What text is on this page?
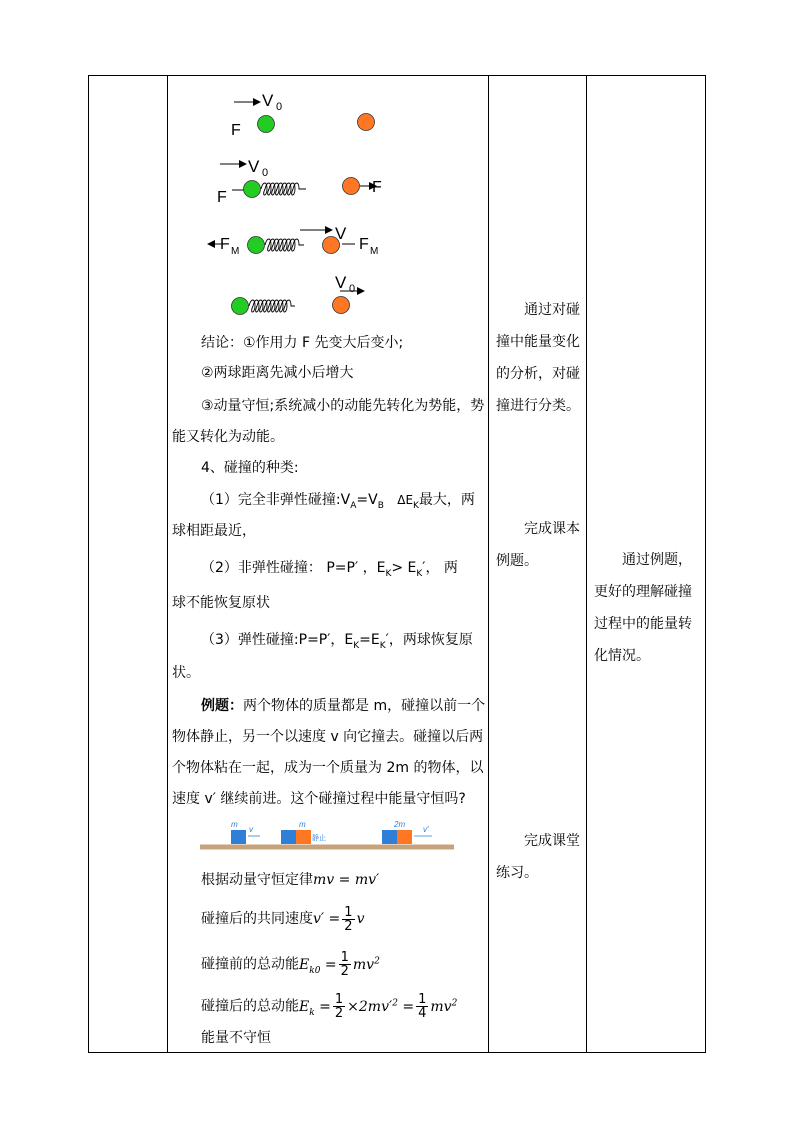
V 0
F
V 0
F
F
F M
V
F M
V 0
结论：①作用力 F 先变大后变小;
②两球距离先减小后增大
③动量守恒;系统减小的动能先转化为势能，势
能又转化为动能。
4、碰撞的种类:
（1）完全非弹性碰撞$:V_A=V_B$ $\Delta E_K$最大，两
球相距最近，
（2）非弹性碰撞： P=P′ ，$E_K> E_K'$， 两
球不能恢复原状
（3）弹性碰撞:P=P′，$E_K=E_K'$，两球恢复原
状。
例题：两个物体的质量都是 m，碰撞以前一个
物体静止，另一个以速度 v 向它撞去。碰撞以后两
个物体粘在一起，成为一个质量为 2m 的物体，以
速度 v′ 继续前进。这个碰撞过程中能量守恒吗?
m
v
m
静止
2m
v′
根据动量守恒定律mv = mv′
碰撞后的共同速度$v' = \frac{1}{2}$ v
碰撞前的总动能$E_{k0} = \frac{1}{2} mv^2$
碰撞后的总动能$E_k = \frac{1}{2} \times 2mv'^2 = \frac{1}{4} mv^2$
能量不守恒
通过对碰
撞中能量变化
的分析，对碰
撞进行分类。
完成课本
例题。
完成课堂
练习。
通过例题，
更好的理解碰撞
过程中的能量转
化情况。
